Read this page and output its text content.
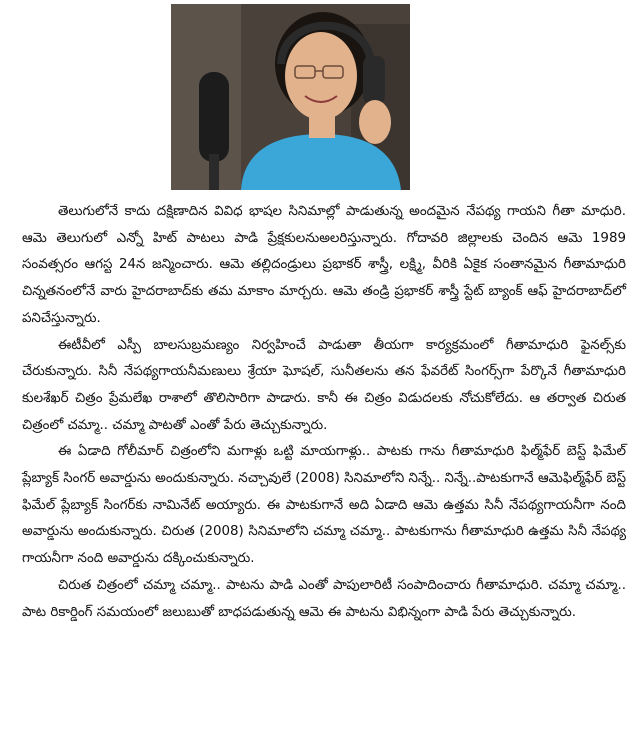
తెలుగులోనే కాదు దక్షిణాదిన వివిధ భాషల సినిమాల్లో పాడుతున్న అందమైన నేపథ్య గాయని గీతా మాధురి. ఆమె తెలుగులో ఎన్నో హిట్ పాటలు పాడి ప్రేక్షకులనుఅలరిస్తున్నారు. గోదావరి జిల్లాలకు చెందిన ఆమె 1989 సంవత్సరం ఆగస్ట 24న జన్మించారు. ఆమె తల్లిదండ్రులు ప్రభాకర్ శాస్త్రీ, లక్ష్మి, వీరికి ఏకైక సంతానమైన గీతామాధురి చిన్నతనంలోనే వారు హైదరాబాద్‌కు తమ మాకాం మార్చరు. ఆమె తండ్రి ప్రభాకర్ శాస్త్రీ స్టేట్ బ్యాంక్ ఆఫ్ హైదరాబాద్‌లో పనిచేస్తున్నారు.

ఈటీవీలో ఎస్పీ బాలసుబ్రమణ్యం నిర్వహించే పాడుతా తీయగా కార్యక్రమంలో గీతామాధురి ఫైనల్స్‌కు చేరుకున్నారు. సినీ నేపథ్యగాయనీమణులు శ్రేయా ఘోషల్, సునీతలను తన ఫేవరేట్ సింగర్స్‌గా పేర్కొనే గీతామాధురి కులశేఖర్ చిత్రం ప్రేమలేఖ రాశాలో తొలిసారిగా పాడారు. కానీ ఈ చిత్రం విడుదలకు నోచుకోలేదు. ఆ తర్వాత చిరుత చిత్రంలో చమ్మా.. చమ్మా పాటతో ఎంతో పేరు తెచ్చుకున్నారు.

ఈ ఏడాది గోలీమార్ చిత్రంలోని మగాళ్లు ఒట్టి మాయగాళ్లు.. పాటకు గాను గీతామాధురి ఫిల్మ్‌ఫేర్ బెస్ట్ ఫిమేల్ ప్లేబ్యాక్ సింగర్ అవార్డును అందుకున్నారు. నచ్చావులే (2008) సినిమాలోని నిన్నే.. నిన్నే..పాటకుగానే ఆమెఫిల్మ్‌ఫేర్ బెస్ట్ ఫిమేల్ ప్లేబ్యాక్ సింగర్‌కు నామినేట్ అయ్యారు. ఈ పాటకుగానే అది ఏడాది ఆమె ఉత్తమ సినీ నేపథ్యగాయనీగా నంది అవార్డును అందుకున్నారు. చిరుత (2008) సినిమాలోని చమ్మా చమ్మా.. పాటకుగాను గీతామాధురి ఉత్తమ సినీ నేపథ్య గాయనీగా నంది అవార్డును దక్కించుకున్నారు.

చిరుత చిత్రంలో చమ్మా చమ్మా.. పాటను పాడి ఎంతో పాపులారిటీ సంపాదించారు గీతామాధురి. చమ్మా చమ్మా.. పాట రికార్డింగ్ సమయంలో జలుబుతో బాధపడుతున్న ఆమె ఈ పాటను విభిన్నంగా పాడి పేరు తెచ్చుకున్నారు.
